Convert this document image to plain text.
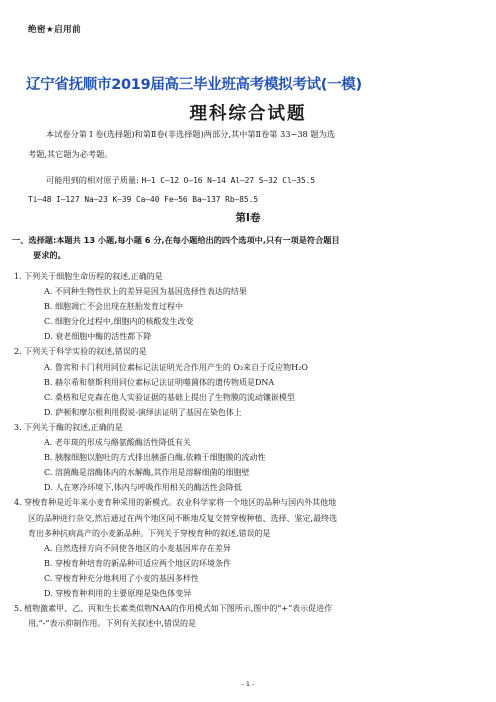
绝密★启用前
辽宁省抚顺市2019届高三毕业班高考模拟考试(一模)
理科综合试题
本试卷分第 I 卷(选择题)和第Ⅱ卷(非选择题)两部分,其中第Ⅱ卷第 33~38 题为选
考题,其它题为必考题。
可能用到的相对原子质量: H—1 C—12 O—16 N—14 Al—27 S—32 Cl—35.5
Ti—48 I—127 Na—23 K—39 Ca—40 Fe—56 Ba—137 Rb—85.5
第Ⅰ卷
一、选择题:本题共 13 小题,每小题 6 分,在每小题给出的四个选项中,只有一项是符合题目
要求的。
1. 下列关于细胞生命历程的叙述,正确的是
A. 不同种生物性状上的差异是因为基因选择性表达的结果
B. 细胞凋亡不会出现在胚胎发育过程中
C. 细胞分化过程中,细胞内的核酸发生改变
D. 衰老细胞中酶的活性都下降
2. 下列关于科学实验的叙述,错误的是
A. 鲁宾和卡门利用同位素标记法证明光合作用产生的 O₂来自于反应物H₂O
B. 赫尔希和蔡斯利用同位素标记法证明噬菌体的遗传物质是DNA
C. 桑格和尼克森在他人实验证据的基础上提出了生物膜的流动镶嵌模型
D. 萨顿和摩尔根利用假说-演绎法证明了基因在染色体上
3. 下列关于酶的叙述,正确的是
A. 老年斑的形成与酪氨酸酶活性降低有关
B. 胰腺细胞以胞吐的方式排出胰蛋白酶,依赖于细胞膜的流动性
C. 溶菌酶是溶酶体内的水解酶,其作用是溶解细菌的细胞壁
D. 人在寒冷环境下,体内与呼吸作用相关的酶活性会降低
4. 穿梭育种是近年来小麦育种采用的新模式。农业科学家将一个地区的品种与国内外其他地
区的品种进行杂交,然后通过在两个地区间不断地反复交替穿梭种植、选择、鉴定,最终选
育出多种抗病高产的小麦新品种。下列关于穿梭育种的叙述,错误的是
A. 自然选择方向不同使各地区的小麦基因库存在差异
B. 穿梭育种培育的新品种可适应两个地区的环境条件
C. 穿梭育种充分地利用了小麦的基因多样性
D. 穿梭育种利用的主要原理是染色体变异
5. 植物激素甲、乙、丙和生长素类似物NAA的作用模式如下图所示,图中的“+”表示促进作
用,“-”表示抑制作用。下列有关叙述中,错误的是
- 1 -
